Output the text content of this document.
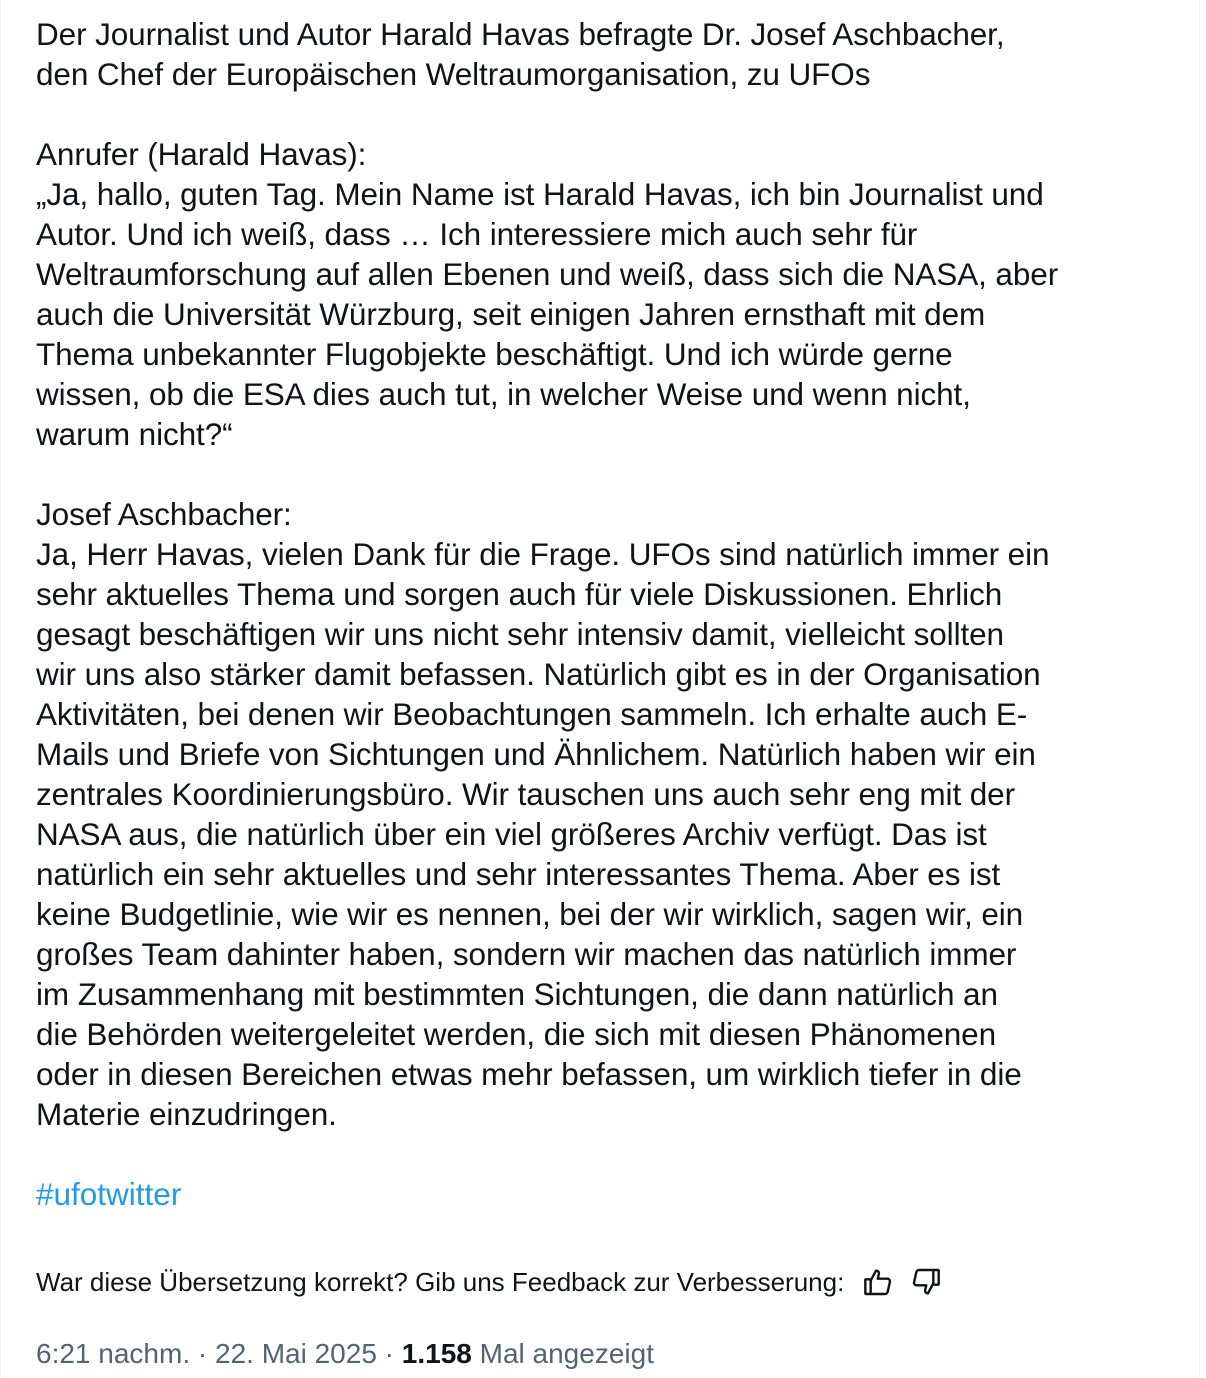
Der Journalist und Autor Harald Havas befragte Dr. Josef Aschbacher,
den Chef der Europäischen Weltraumorganisation, zu UFOs

Anrufer (Harald Havas):
„Ja, hallo, guten Tag. Mein Name ist Harald Havas, ich bin Journalist und
Autor. Und ich weiß, dass … Ich interessiere mich auch sehr für
Weltraumforschung auf allen Ebenen und weiß, dass sich die NASA, aber
auch die Universität Würzburg, seit einigen Jahren ernsthaft mit dem
Thema unbekannter Flugobjekte beschäftigt. Und ich würde gerne
wissen, ob die ESA dies auch tut, in welcher Weise und wenn nicht,
warum nicht?“

Josef Aschbacher:
Ja, Herr Havas, vielen Dank für die Frage. UFOs sind natürlich immer ein
sehr aktuelles Thema und sorgen auch für viele Diskussionen. Ehrlich
gesagt beschäftigen wir uns nicht sehr intensiv damit, vielleicht sollten
wir uns also stärker damit befassen. Natürlich gibt es in der Organisation
Aktivitäten, bei denen wir Beobachtungen sammeln. Ich erhalte auch E-
Mails und Briefe von Sichtungen und Ähnlichem. Natürlich haben wir ein
zentrales Koordinierungsbüro. Wir tauschen uns auch sehr eng mit der
NASA aus, die natürlich über ein viel größeres Archiv verfügt. Das ist
natürlich ein sehr aktuelles und sehr interessantes Thema. Aber es ist
keine Budgetlinie, wie wir es nennen, bei der wir wirklich, sagen wir, ein
großes Team dahinter haben, sondern wir machen das natürlich immer
im Zusammenhang mit bestimmten Sichtungen, die dann natürlich an
die Behörden weitergeleitet werden, die sich mit diesen Phänomenen
oder in diesen Bereichen etwas mehr befassen, um wirklich tiefer in die
Materie einzudringen.

#ufotwitter
War diese Übersetzung korrekt? Gib uns Feedback zur Verbesserung:
6:21 nachm. · 22. Mai 2025 · 1.158 Mal angezeigt
